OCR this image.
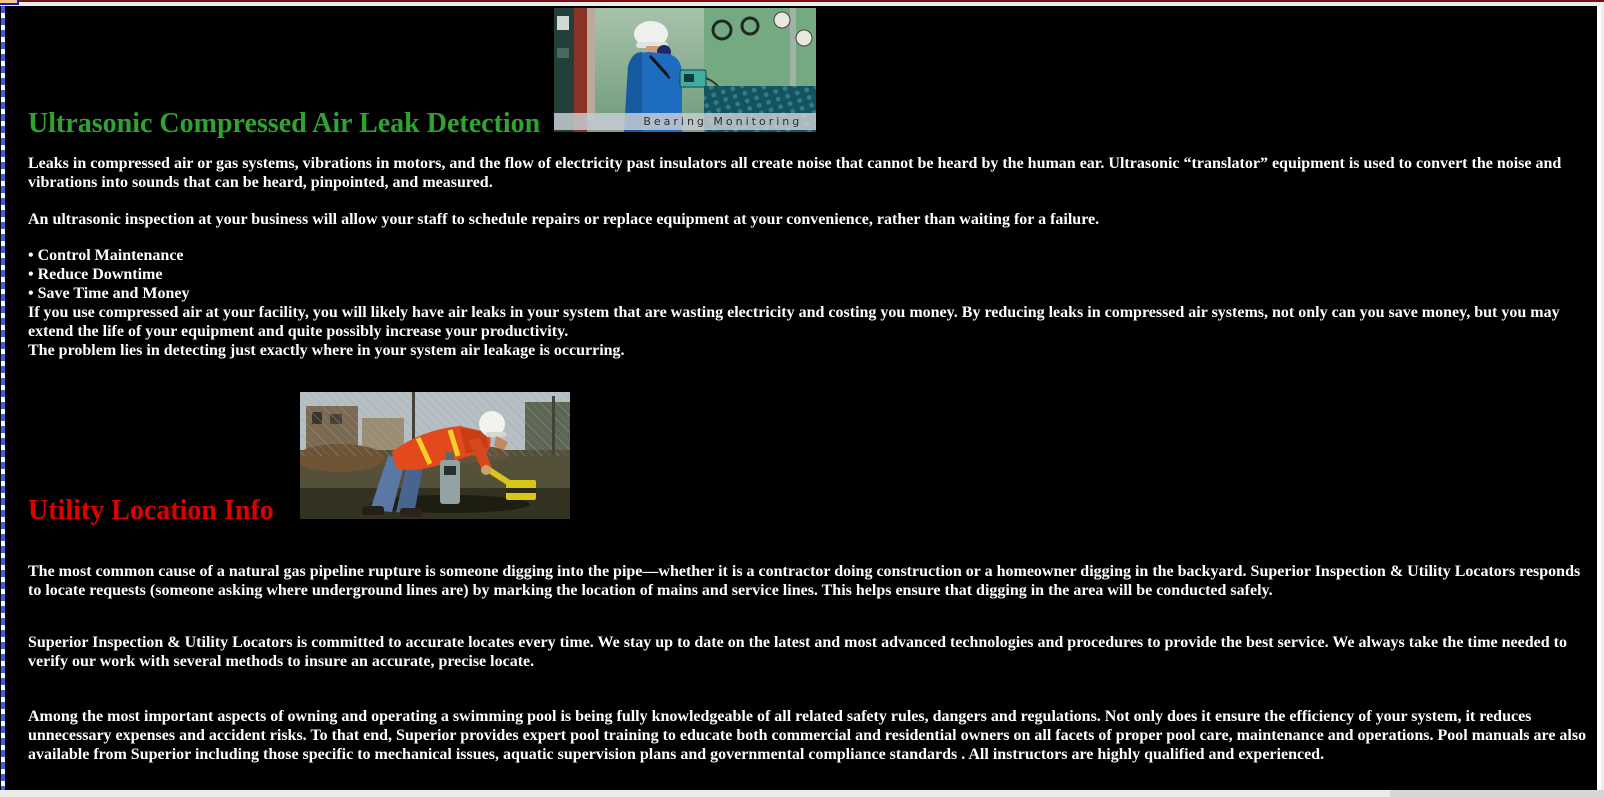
Ultrasonic Compressed Air Leak Detection	Bearing Monitoring

Leaks in compressed air or gas systems, vibrations in motors, and the flow of electricity past insulators all create noise that cannot be heard by the human ear. Ultrasonic “translator” equipment is used to convert the noise and vibrations into sounds that can be heard, pinpointed, and measured.

An ultrasonic inspection at your business will allow your staff to schedule repairs or replace equipment at your convenience, rather than waiting for a failure.

• Control Maintenance
• Reduce Downtime
• Save Time and Money
If you use compressed air at your facility, you will likely have air leaks in your system that are wasting electricity and costing you money. By reducing leaks in compressed air systems, not only can you save money, but you may extend the life of your equipment and quite possibly increase your productivity.
The problem lies in detecting just exactly where in your system air leakage is occurring.
Utility Location Info

The most common cause of a natural gas pipeline rupture is someone digging into the pipe—whether it is a contractor doing construction or a homeowner digging in the backyard. Superior Inspection & Utility Locators responds to locate requests (someone asking where underground lines are) by marking the location of mains and service lines. This helps ensure that digging in the area will be conducted safely.

Superior Inspection & Utility Locators is committed to accurate locates every time. We stay up to date on the latest and most advanced technologies and procedures to provide the best service. We always take the time needed to verify our work with several methods to insure an accurate, precise locate.

Among the most important aspects of owning and operating a swimming pool is being fully knowledgeable of all related safety rules, dangers and regulations. Not only does it ensure the efficiency of your system, it reduces unnecessary expenses and accident risks. To that end, Superior provides expert pool training to educate both commercial and residential owners on all facets of proper pool care, maintenance and operations. Pool manuals are also available from Superior including those specific to mechanical issues, aquatic supervision plans and governmental compliance standards . All instructors are highly qualified and experienced.
